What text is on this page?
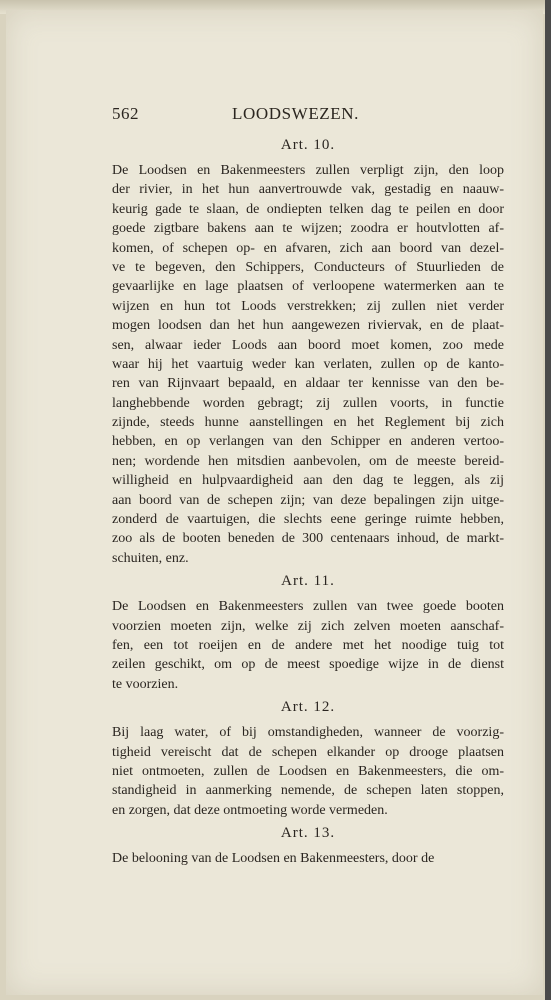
562	LOODSWEZEN.
Art. 10.
De Loodsen en Bakenmeesters zullen verpligt zijn, den loop
der rivier, in het hun aanvertrouwde vak, gestadig en naauw-
keurig gade te slaan, de ondiepten telken dag te peilen en door
goede zigtbare bakens aan te wijzen; zoodra er houtvlotten af-
komen, of schepen op- en afvaren, zich aan boord van dezel-
ve te begeven, den Schippers, Conducteurs of Stuurlieden de
gevaarlijke en lage plaatsen of verloopene watermerken aan te
wijzen en hun tot Loods verstrekken; zij zullen niet verder
mogen loodsen dan het hun aangewezen riviervak, en de plaat-
sen, alwaar ieder Loods aan boord moet komen, zoo mede
waar hij het vaartuig weder kan verlaten, zullen op de kanto-
ren van Rijnvaart bepaald, en aldaar ter kennisse van den be-
langhebbende worden gebragt; zij zullen voorts, in functie
zijnde, steeds hunne aanstellingen en het Reglement bij zich
hebben, en op verlangen van den Schipper en anderen vertoo-
nen; wordende hen mitsdien aanbevolen, om de meeste bereid-
willigheid en hulpvaardigheid aan den dag te leggen, als zij
aan boord van de schepen zijn; van deze bepalingen zijn uitge-
zonderd de vaartuigen, die slechts eene geringe ruimte hebben,
zoo als de booten beneden de 300 centenaars inhoud, de markt-
schuiten, enz.
Art. 11.
De Loodsen en Bakenmeesters zullen van twee goede booten
voorzien moeten zijn, welke zij zich zelven moeten aanschaf-
fen, een tot roeijen en de andere met het noodige tuig tot
zeilen geschikt, om op de meest spoedige wijze in de dienst
te voorzien.
Art. 12.
Bij laag water, of bij omstandigheden, wanneer de voorzig-
tigheid vereischt dat de schepen elkander op drooge plaatsen
niet ontmoeten, zullen de Loodsen en Bakenmeesters, die om-
standigheid in aanmerking nemende, de schepen laten stoppen,
en zorgen, dat deze ontmoeting worde vermeden.
Art. 13.
De belooning van de Loodsen en Bakenmeesters, door de
